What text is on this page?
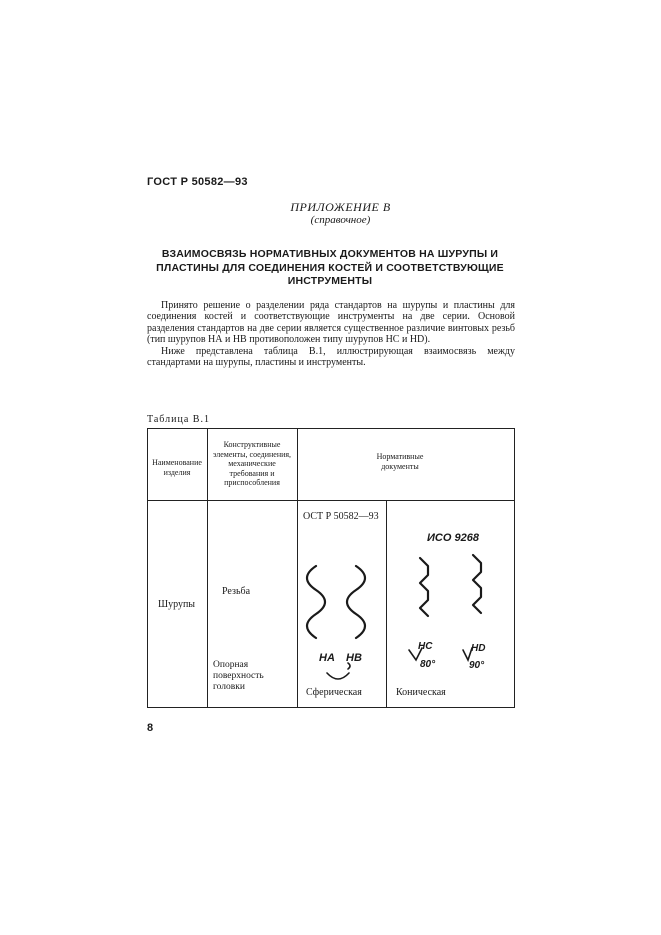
ГОСТ Р 50582—93
ПРИЛОЖЕНИЕ В
(справочное)
ВЗАИМОСВЯЗЬ НОРМАТИВНЫХ ДОКУМЕНТОВ НА ШУРУПЫ И
ПЛАСТИНЫ ДЛЯ СОЕДИНЕНИЯ КОСТЕЙ И СООТВЕТСТВУЮЩИЕ
ИНСТРУМЕНТЫ

Принято решение о разделении ряда стандартов на шурупы и пластины для соединения костей и соответствующие инструменты на две серии. Основой разделения стандартов на две серии является существенное различие винтовых резьб (тип шурупов НА и НВ противоположен типу шурупов НС и HD).

Ниже представлена таблица В.1, иллюстрирующая взаимосвязь между стандартами на шурупы, пластины и инструменты.

Таблица В.1
Наименование изделия
Конструктивные элементы, соединения, механические требования и приспособления
Нормативные документы
ОСТ Р 50582—93
ИСО 9268
Шурупы
Резьба
Опорная поверхность головки
НА НВ
НС
80°
HD
90°
Сферическая	Коническая
8
